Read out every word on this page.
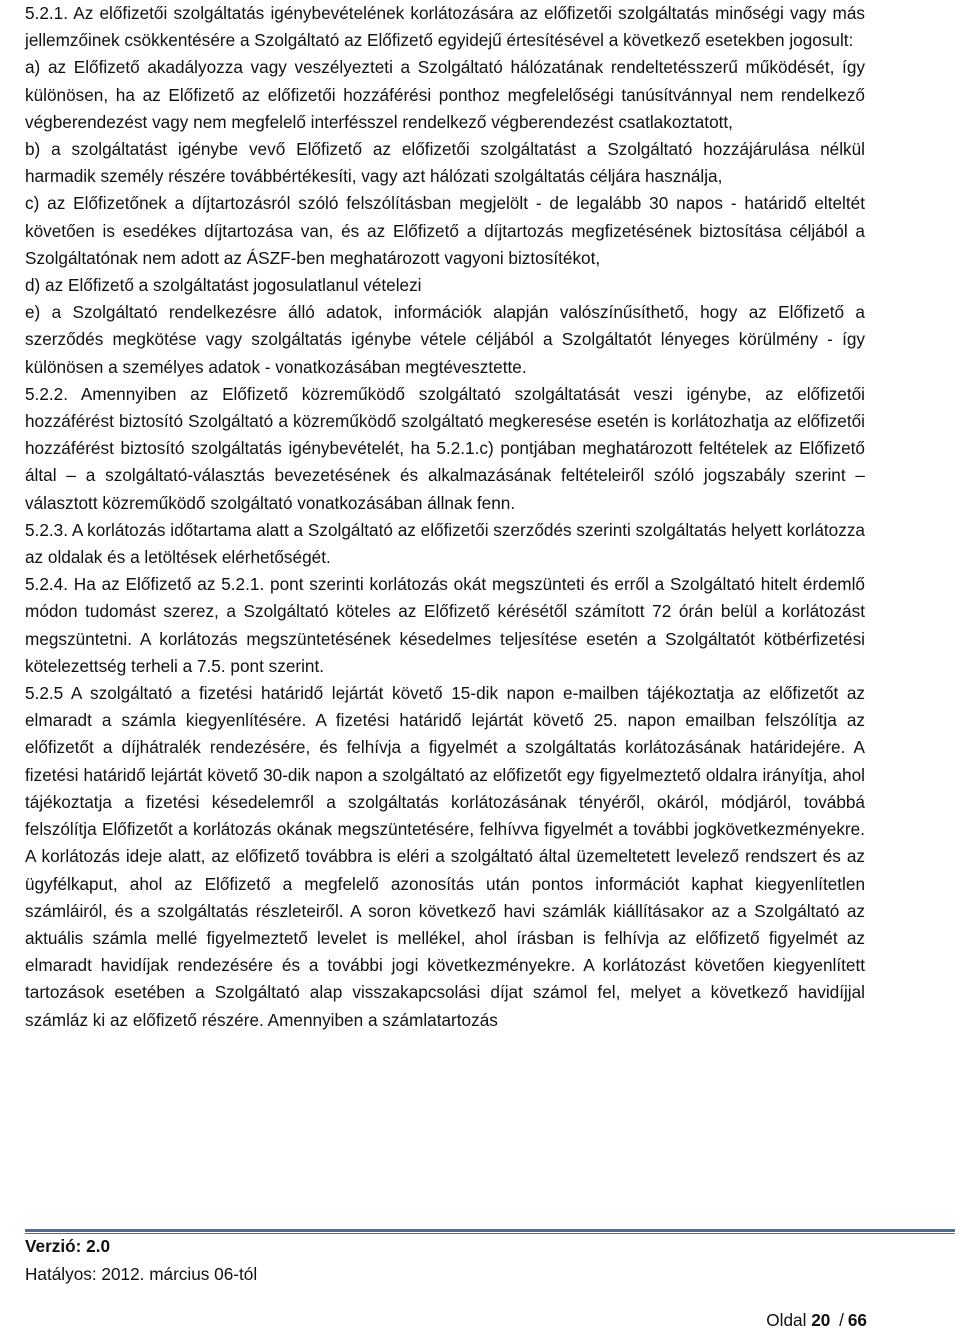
5.2.1. Az előfizetői szolgáltatás igénybevételének korlátozására az előfizetői szolgáltatás minőségi vagy más jellemzőinek csökkentésére a Szolgáltató az Előfizető egyidejű értesítésével a következő esetekben jogosult:

a) az Előfizető akadályozza vagy veszélyezteti a Szolgáltató hálózatának rendeltetésszerű működését, így különösen, ha az Előfizető az előfizetői hozzáférési ponthoz megfelelőségi tanúsítvánnyal nem rendelkező végberendezést vagy nem megfelelő interfésszel rendelkező végberendezést csatlakoztatott,

b) a szolgáltatást igénybe vevő Előfizető az előfizetői szolgáltatást a Szolgáltató hozzájárulása nélkül harmadik személy részére továbbértékesíti, vagy azt hálózati szolgáltatás céljára használja,

c) az Előfizetőnek a díjtartozásról szóló felszólításban megjelölt - de legalább 30 napos - határidő elteltét követően is esedékes díjtartozása van, és az Előfizető a díjtartozás megfizetésének biztosítása céljából a Szolgáltatónak nem adott az ÁSZF-ben meghatározott vagyoni biztosítékot,

d) az Előfizető a szolgáltatást jogosulatlanul vételezi

e) a Szolgáltató rendelkezésre álló adatok, információk alapján valószínűsíthető, hogy az Előfizető a szerződés megkötése vagy szolgáltatás igénybe vétele céljából a Szolgáltatót lényeges körülmény - így különösen a személyes adatok - vonatkozásában megtévesztette.

5.2.2. Amennyiben az Előfizető közreműködő szolgáltató szolgáltatását veszi igénybe, az előfizetői hozzáférést biztosító Szolgáltató a közreműködő szolgáltató megkeresése esetén is korlátozhatja az előfizetői hozzáférést biztosító szolgáltatás igénybevételét, ha 5.2.1.c) pontjában meghatározott feltételek az Előfizető által – a szolgáltató-választás bevezetésének és alkalmazásának feltételeiről szóló jogszabály szerint – választott közreműködő szolgáltató vonatkozásában állnak fenn.

5.2.3. A korlátozás időtartama alatt a Szolgáltató az előfizetői szerződés szerinti szolgáltatás helyett korlátozza az oldalak és a letöltések elérhetőségét.

5.2.4. Ha az Előfizető az 5.2.1. pont szerinti korlátozás okát megszünteti és erről a Szolgáltató hitelt érdemlő módon tudomást szerez, a Szolgáltató köteles az Előfizető kérésétől számított 72 órán belül a korlátozást megszüntetni. A korlátozás megszüntetésének késedelmes teljesítése esetén a Szolgáltatót kötbérfizetési kötelezettség terheli a 7.5. pont szerint.

5.2.5 A szolgáltató a fizetési határidő lejártát követő 15-dik napon e-mailben tájékoztatja az előfizetőt az elmaradt a számla kiegyenlítésére. A fizetési határidő lejártát követő 25. napon emailban felszólítja az előfizetőt a díjhátralék rendezésére, és felhívja a figyelmét a szolgáltatás korlátozásának határidejére. A fizetési határidő lejártát követő 30-dik napon a szolgáltató az előfizetőt egy figyelmeztető oldalra irányítja, ahol tájékoztatja a fizetési késedelemről a szolgáltatás korlátozásának tényéről, okáról, módjáról, továbbá felszólítja Előfizetőt a korlátozás okának megszüntetésére, felhívva figyelmét a további jogkövetkezményekre. A korlátozás ideje alatt, az előfizető továbbra is eléri a szolgáltató által üzemeltetett levelező rendszert és az ügyfélkaput, ahol az Előfizető a megfelelő azonosítás után pontos információt kaphat kiegyenlítetlen számláiról, és a szolgáltatás részleteiről. A soron következő havi számlák kiállításakor az a Szolgáltató az aktuális számla mellé figyelmeztető levelet is mellékel, ahol írásban is felhívja az előfizető figyelmét az elmaradt havidíjak rendezésére és a további jogi következményekre. A korlátozást követően kiegyenlített tartozások esetében a Szolgáltató alap visszakapcsolási díjat számol fel, melyet a következő havidíjjal számláz ki az előfizető részére. Amennyiben a számlatartozás

Verzió: 2.0
Hatályos: 2012. március 06-tól
Oldal 20 / 66
